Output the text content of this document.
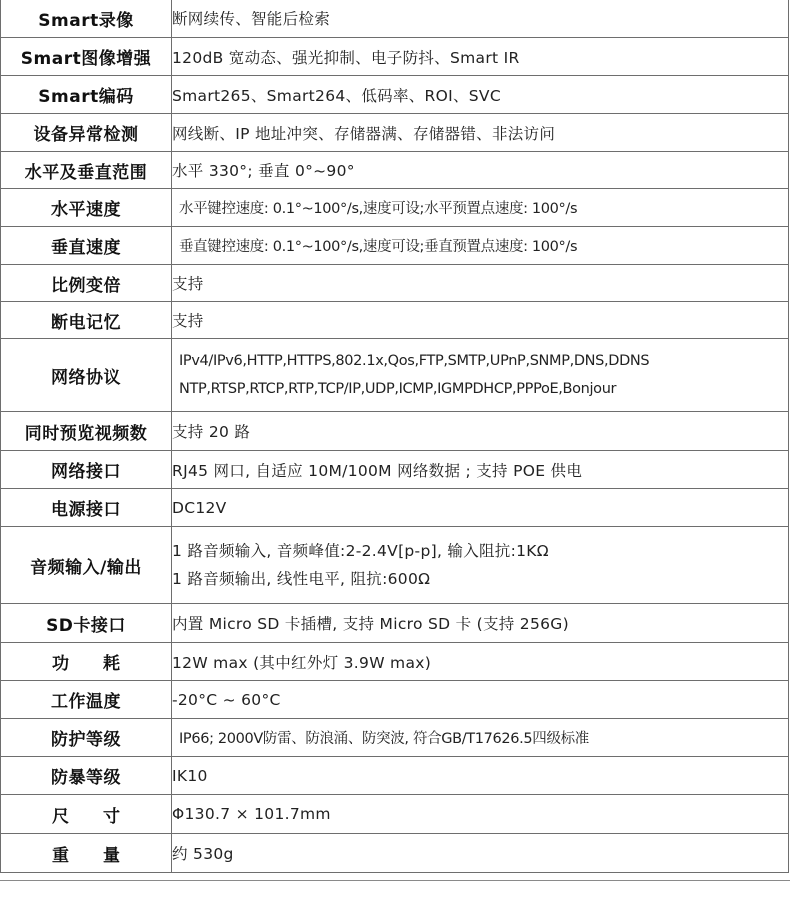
Smart录像	断网续传、智能后检索
Smart图像增强	120dB 宽动态、强光抑制、电子防抖、Smart IR
Smart编码	Smart265、Smart264、低码率、ROI、SVC
设备异常检测	网线断、IP 地址冲突、存储器满、存储器错、非法访问
水平及垂直范围	水平 330°; 垂直 0°~90°
水平速度	水平键控速度: 0.1°~100°/s,速度可设;水平预置点速度: 100°/s
垂直速度	垂直键控速度: 0.1°~100°/s,速度可设;垂直预置点速度: 100°/s
比例变倍	支持
断电记忆	支持
网络协议	IPv4/IPv6,HTTP,HTTPS,802.1x,Qos,FTP,SMTP,UPnP,SNMP,DNS,DDNS
NTP,RTSP,RTCP,RTP,TCP/IP,UDP,ICMP,IGMPDHCP,PPPoE,Bonjour

同时预览视频数	支持 20 路
网络接口	RJ45 网口, 自适应 10M/100M 网络数据 ; 支持 POE 供电
电源接口	DC12V
音频输入/输出	1 路音频输入, 音频峰值:2-2.4V[p-p], 输入阻抗:1KΩ
1 路音频输出, 线性电平, 阻抗:600Ω

SD卡接口	内置 Micro SD 卡插槽, 支持 Micro SD 卡 (支持 256G)
功 耗	12W max (其中红外灯 3.9W max)
工作温度	-20°C ~ 60°C
防护等级	IP66; 2000V防雷、防浪涌、防突波, 符合GB/T17626.5四级标准
防暴等级	IK10
尺 寸	Φ130.7 × 101.7mm
重 量	约 530g
